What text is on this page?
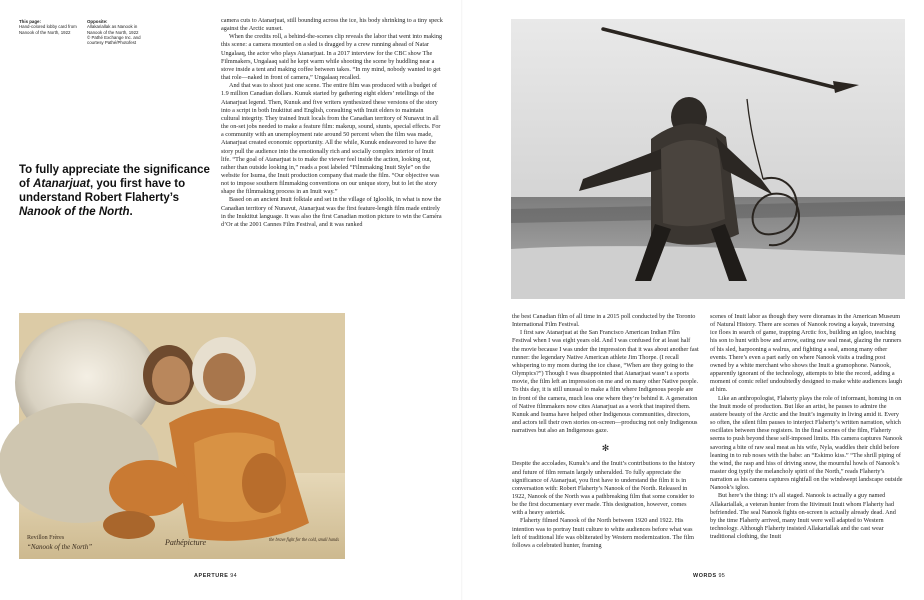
This page:
Hand-colored lobby card from Nanook of the North, 1922
Opposite:
Allakariallak as Nanook in Nanook of the North, 1922
© Pathé Exchange Inc. and courtesy Pathé/Photofest
To fully appreciate the significance of Atanarjuat, you first have to understand Robert Flaherty’s Nanook of the North.

camera cuts to Atanarjuat, still bounding across the ice, his body shrinking to a tiny speck against the Arctic sunset.

When the credits roll, a behind-the-scenes clip reveals the labor that went into making this scene: a camera mounted on a sled is dragged by a crew running ahead of Natar Ungalaaq, the actor who plays Atanarjuat. In a 2017 interview for the CBC show The Filmmakers, Ungalaaq said he kept warm while shooting the scene by huddling near a stove inside a tent and making coffee between takes. “In my mind, nobody wanted to get that role—naked in front of camera,” Ungalaaq recalled.

And that was to shoot just one scene. The entire film was produced with a budget of 1.9 million Canadian dollars. Kunuk started by gathering eight elders’ retellings of the Atanarjuat legend. Then, Kunuk and five writers synthesized these versions of the story into a script in both Inuktitut and English, consulting with Inuit elders to maintain cultural integrity. They trained Inuit locals from the Canadian territory of Nunavut in all the on-set jobs needed to make a feature film: makeup, sound, stunts, special effects. For a community with an unemployment rate around 50 percent when the film was made, Atanarjuat created economic opportunity. All the while, Kunuk endeavored to have the story pull the audience into the emotionally rich and socially complex interior of Inuit life. “The goal of Atanarjuat is to make the viewer feel inside the action, looking out, rather than outside looking in,” reads a post labeled “Filmmaking Inuit Style” on the website for Isuma, the Inuit production company that made the film. “Our objective was not to impose southern filmmaking conventions on our unique story, but to let the story shape the filmmaking process in an Inuit way.”

Based on an ancient Inuit folktale and set in the village of Igloolik, in what is now the Canadian territory of Nunavut, Atanarjuat was the first feature-length film made entirely in the Inuktitut language. It was also the first Canadian motion picture to win the Caméra d’Or at the 2001 Cannes Film Festival, and it was ranked

Revillon Frères
“Nanook of the North”	Pathépicture	the brave fight for the cold, small hands

the best Canadian film of all time in a 2015 poll conducted by the Toronto International Film Festival.

I first saw Atanarjuat at the San Francisco American Indian Film Festival when I was eight years old. And I was confused for at least half the movie because I was under the impression that it was about another fast runner: the legendary Native American athlete Jim Thorpe. (I recall whispering to my mom during the ice chase, “When are they going to the Olympics?”) Though I was disappointed that Atanarjuat wasn’t a sports movie, the film left an impression on me and on many other Native people. To this day, it is still unusual to make a film where Indigenous people are in front of the camera, much less one where they’re behind it. A generation of Native filmmakers now cites Atanarjuat as a work that inspired them. Kunuk and Isuma have helped other Indigenous communities, directors, and actors tell their own stories on-screen—producing not only Indigenous narratives but also an Indigenous gaze.

✻

Despite the accolades, Kunuk’s and the Inuit’s contributions to the history and future of film remain largely unheralded. To fully appreciate the significance of Atanarjuat, you first have to understand the film it is in conversation with: Robert Flaherty’s Nanook of the North. Released in 1922, Nanook of the North was a pathbreaking film that some consider to be the first documentary ever made. This designation, however, comes with a heavy asterisk.

Flaherty filmed Nanook of the North between 1920 and 1922. His intention was to portray Inuit culture to white audiences before what was left of traditional life was obliterated by Western modernization. The film follows a celebrated hunter, framing

scenes of Inuit labor as though they were dioramas in the American Museum of Natural History. There are scenes of Nanook rowing a kayak, traversing ice floes in search of game, trapping Arctic fox, building an igloo, teaching his son to hunt with bow and arrow, eating raw seal meat, glazing the runners of his sled, harpooning a walrus, and fighting a seal, among many other events. There’s even a part early on where Nanook visits a trading post owned by a white merchant who shows the Inuit a gramophone. Nanook, apparently ignorant of the technology, attempts to bite the record, adding a moment of comic relief undoubtedly designed to make white audiences laugh at him.

Like an anthropologist, Flaherty plays the role of informant, homing in on the Inuit mode of production. But like an artist, he pauses to admire the austere beauty of the Arctic and the Inuit’s ingenuity in living amid it. Every so often, the silent film pauses to interject Flaherty’s written narration, which oscillates between these registers. In the final scenes of the film, Flaherty seems to push beyond these self-imposed limits. His camera captures Nanook savoring a bite of raw seal meat as his wife, Nyla, waddles their child before leaning in to rub noses with the babe: an “Eskimo kiss.” “The shrill piping of the wind, the rasp and hiss of driving snow, the mournful howls of Nanook’s master dog typify the melancholy spirit of the North,” reads Flaherty’s narration as his camera captures nightfall on the windswept landscape outside Nanook’s igloo.

But here’s the thing: it’s all staged. Nanook is actually a guy named Allakariallak, a veteran hunter from the Itivimuit Inuit whom Flaherty had befriended. The seal Nanook fights on-screen is actually already dead. And by the time Flaherty arrived, many Inuit were well adapted to Western technology. Although Flaherty insisted Allakariallak and the cast wear traditional clothing, the Inuit

APERTURE 94	WORDS 95
